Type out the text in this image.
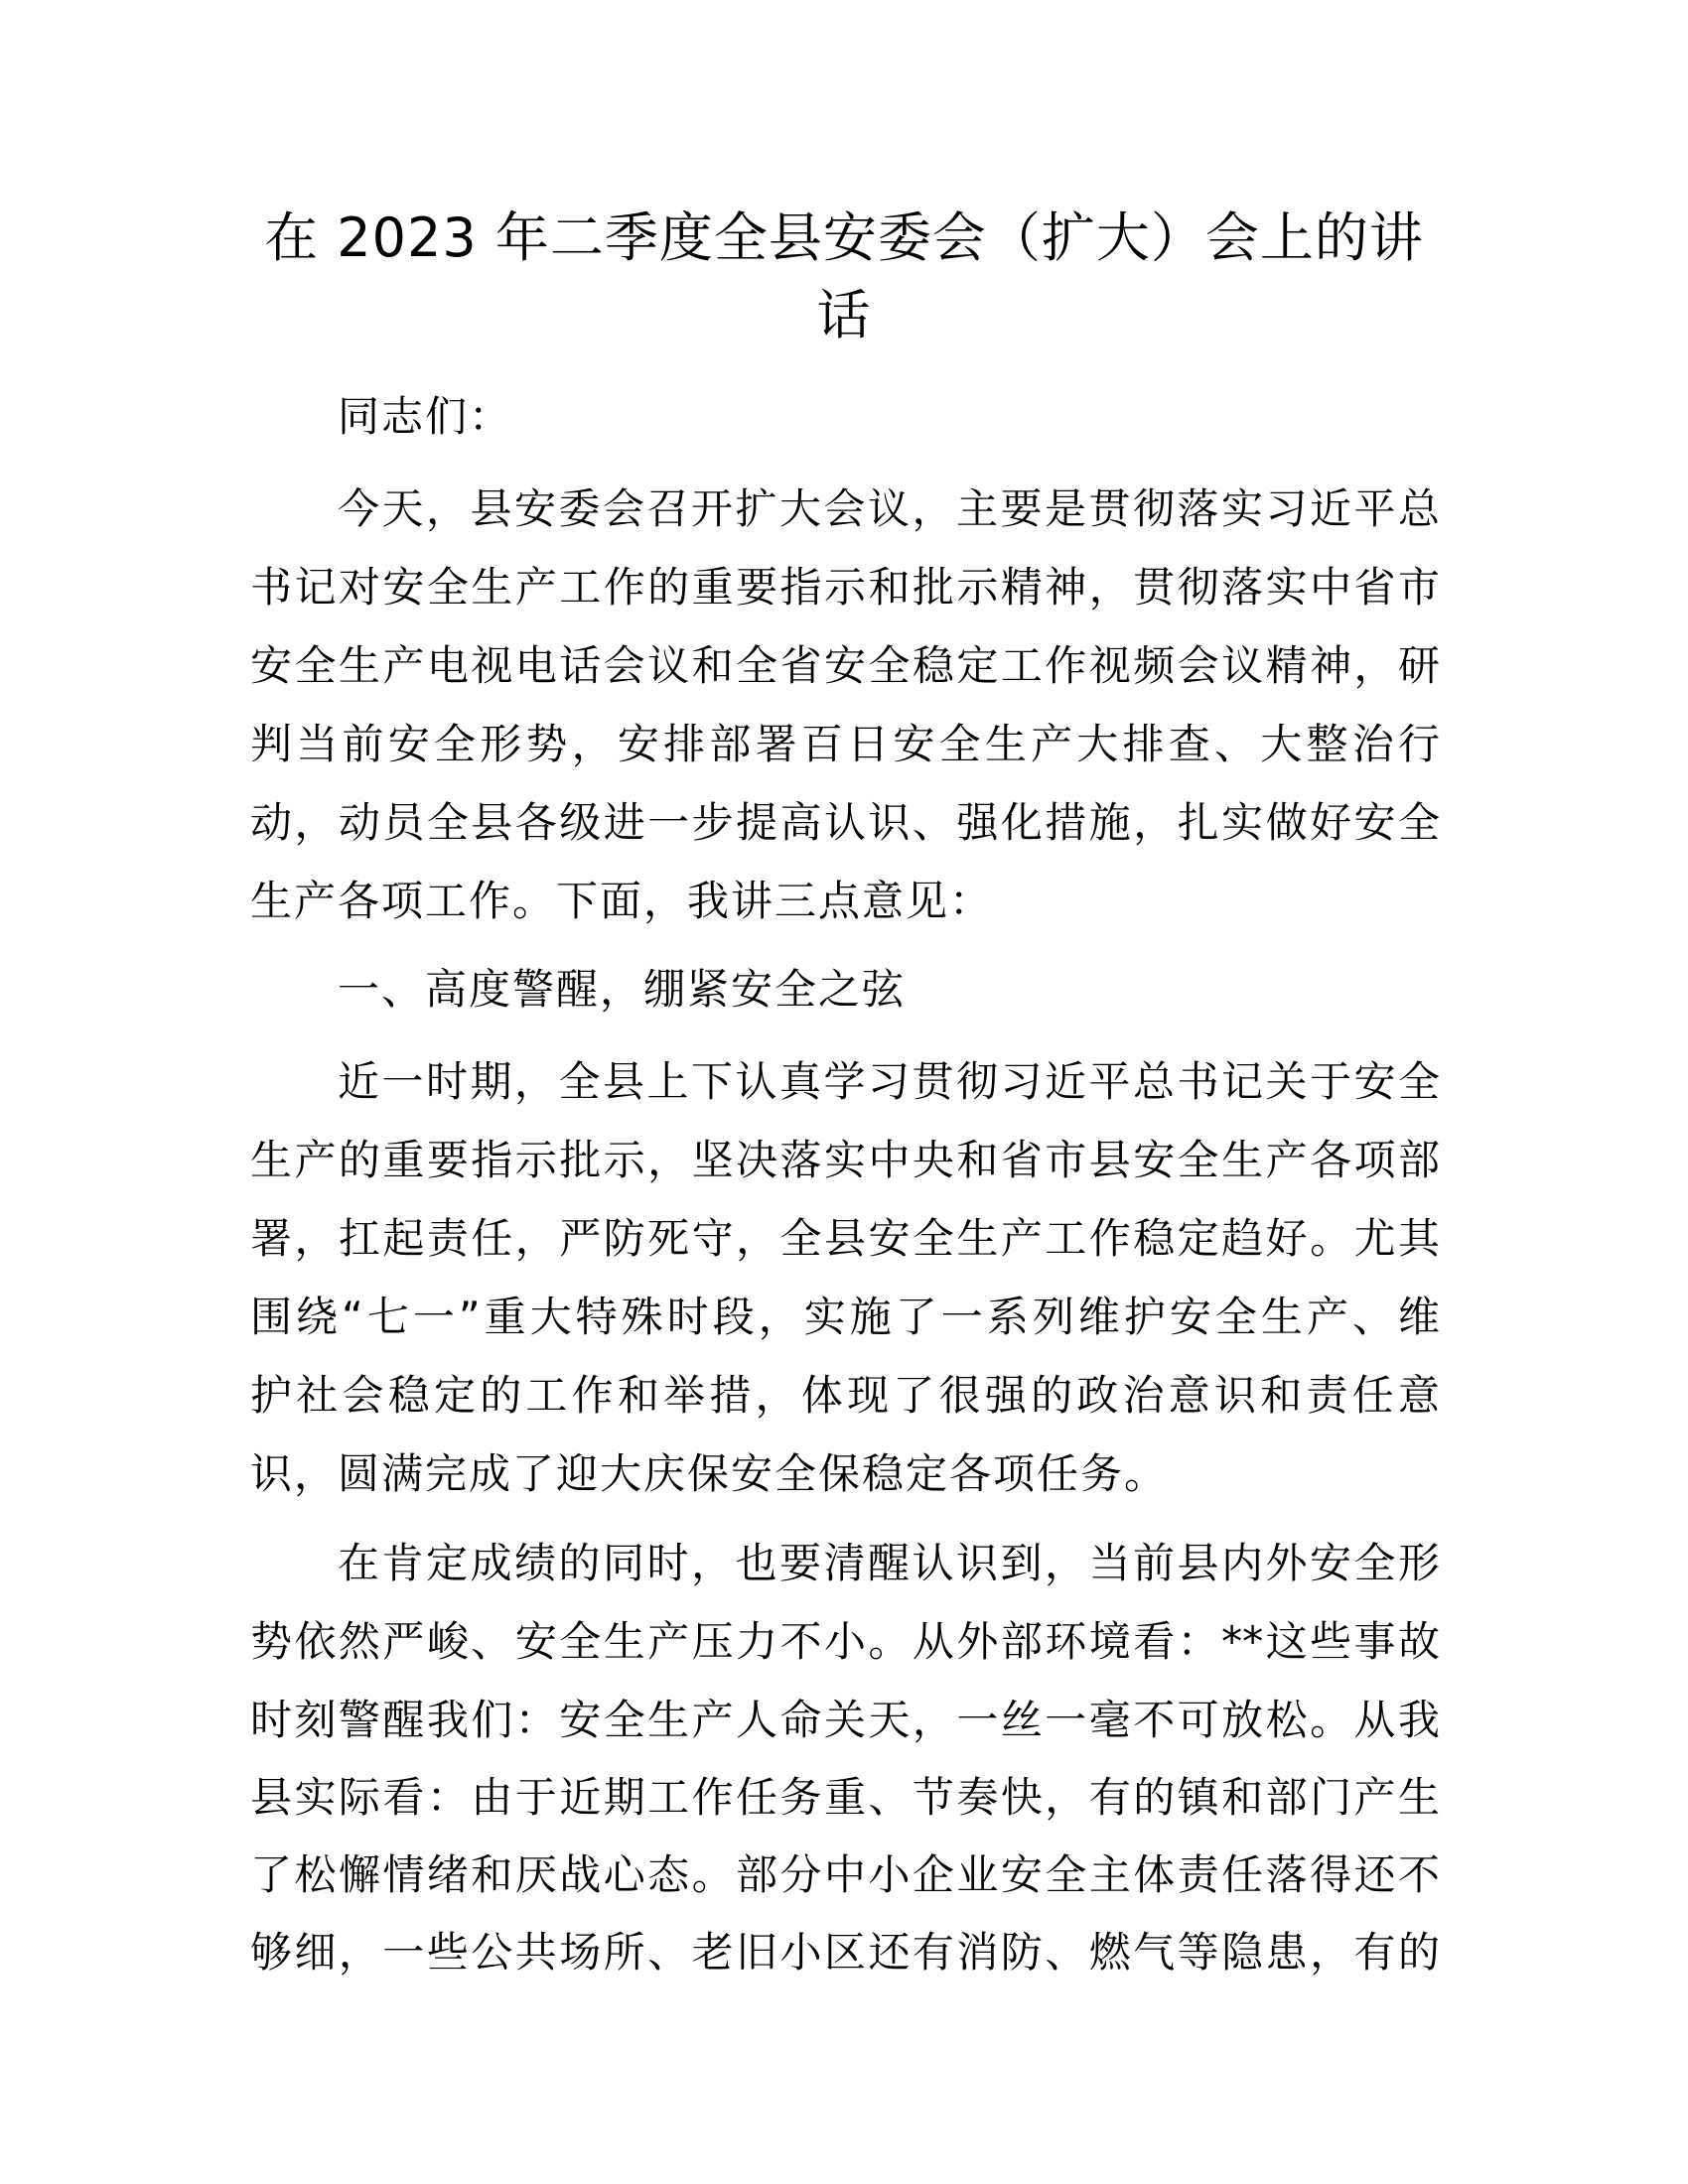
在 2023 年二季度全县安委会（扩大）会上的讲
话
同志们：
今天，县安委会召开扩大会议，主要是贯彻落实习近平总
书记对安全生产工作的重要指示和批示精神，贯彻落实中省市
安全生产电视电话会议和全省安全稳定工作视频会议精神，研
判当前安全形势，安排部署百日安全生产大排查、大整治行
动，动员全县各级进一步提高认识、强化措施，扎实做好安全
生产各项工作。下面，我讲三点意见：
一、高度警醒，绷紧安全之弦
近一时期，全县上下认真学习贯彻习近平总书记关于安全
生产的重要指示批示，坚决落实中央和省市县安全生产各项部
署，扛起责任，严防死守，全县安全生产工作稳定趋好。尤其
围绕“七一”重大特殊时段，实施了一系列维护安全生产、维
护社会稳定的工作和举措，体现了很强的政治意识和责任意
识，圆满完成了迎大庆保安全保稳定各项任务。
在肯定成绩的同时，也要清醒认识到，当前县内外安全形
势依然严峻、安全生产压力不小。从外部环境看：**这些事故
时刻警醒我们：安全生产人命关天，一丝一毫不可放松。从我
县实际看：由于近期工作任务重、节奏快，有的镇和部门产生
了松懈情绪和厌战心态。部分中小企业安全主体责任落得还不
够细，一些公共场所、老旧小区还有消防、燃气等隐患，有的
